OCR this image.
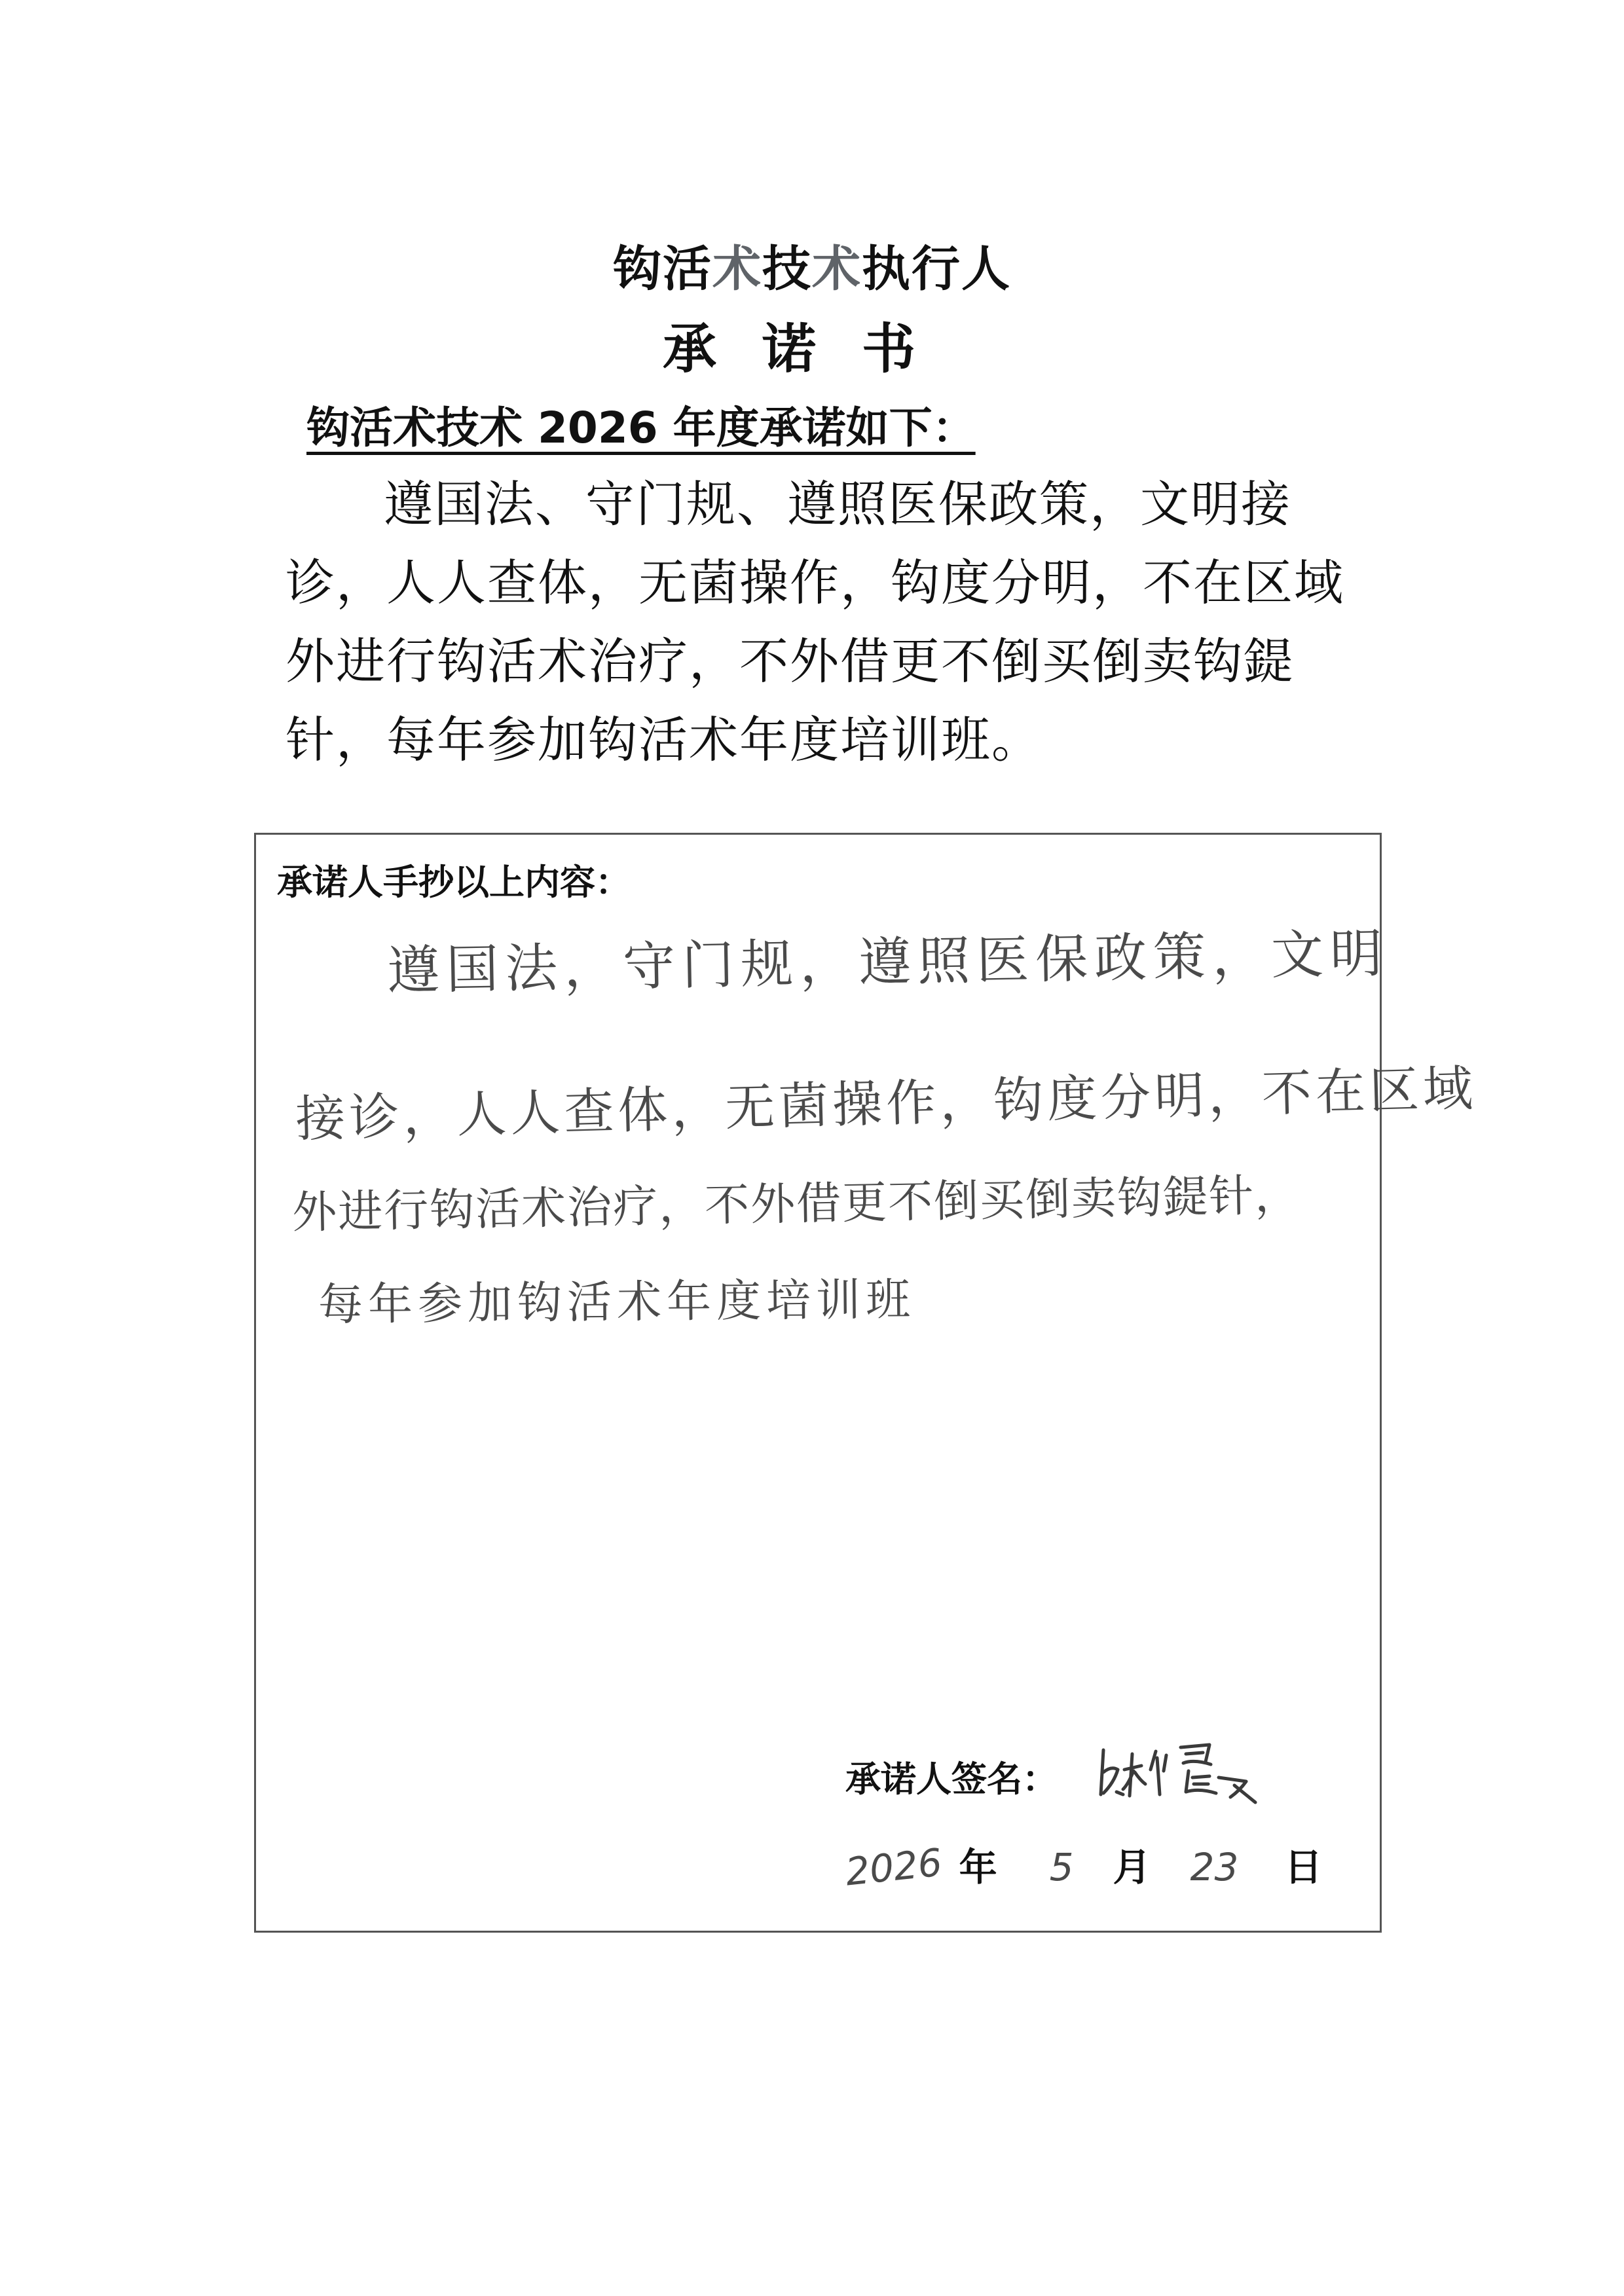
钩活术技术执行人
承诺书
钩活术技术 2026 年度承诺如下：
遵国法、守门规、遵照医保政策，文明接诊，人人查体，无菌操作，钩度分明，不在区域外进行钩活术治疗，不外借更不倒买倒卖钩鍉针，每年参加钩活术年度培训班。
承诺人手抄以上内容：
遵国法，守门规，遵照医保政策，文明
接诊，人人查体，无菌操作，钩度分明，不在区域
外进行钩活术治疗，不外借更不倒买倒卖钩鍉针，
每年参加钩活术年度培训班
承诺人签名：
2026 年 5 月 23 日
